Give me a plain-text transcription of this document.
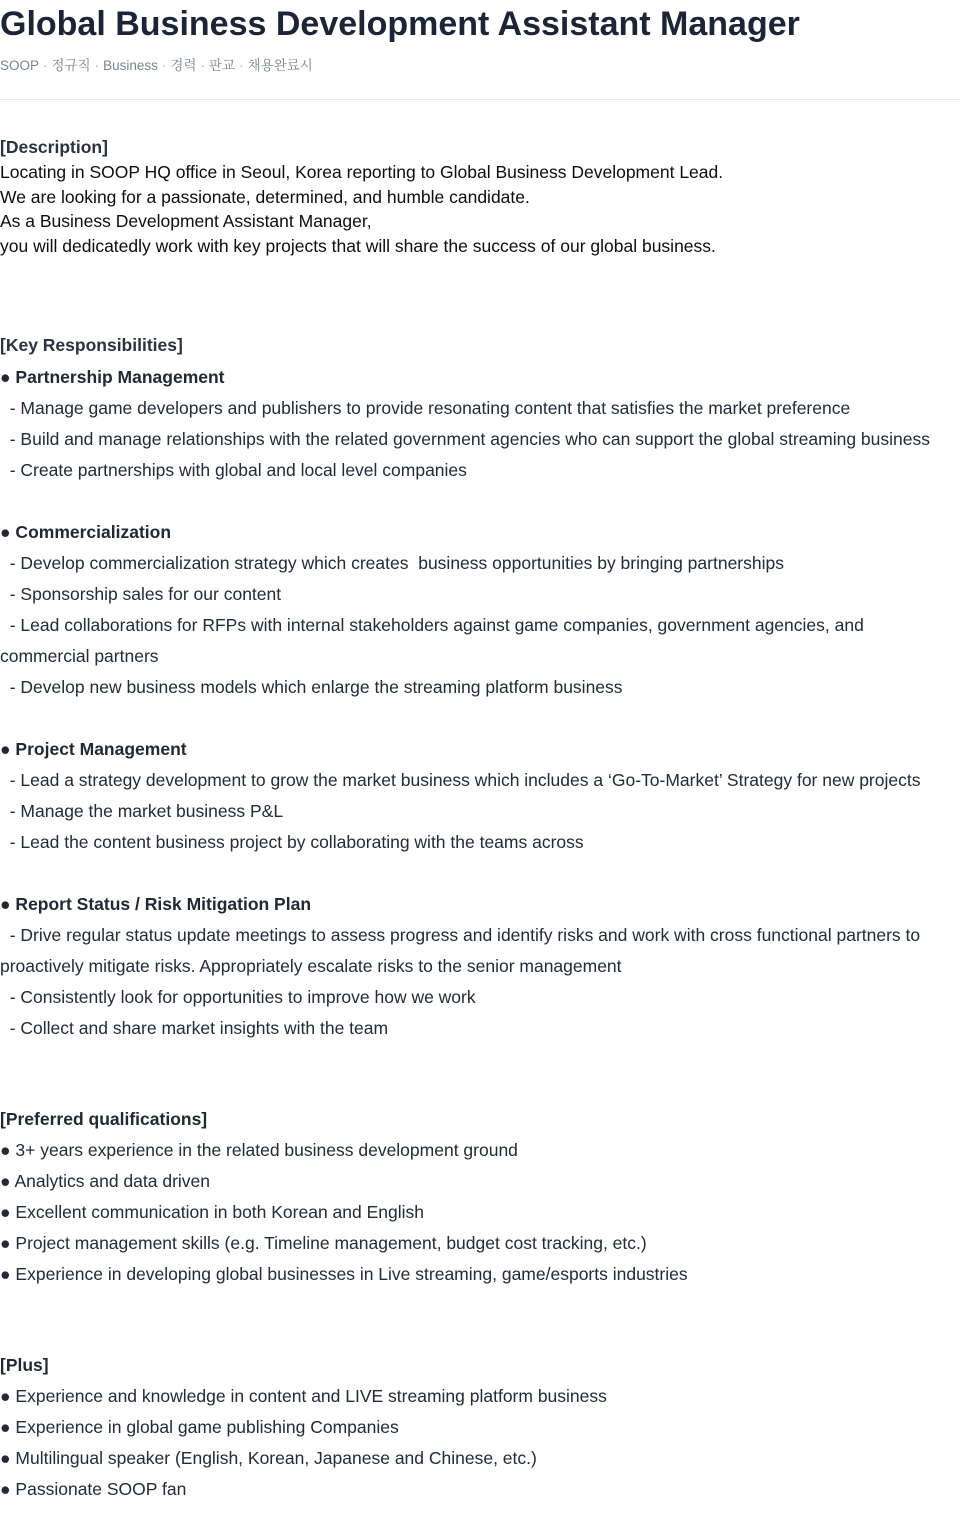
Global Business Development Assistant Manager
SOOP · 정규직 · Business · 경력 · 판교 · 채용완료시
[Description]

Locating in SOOP HQ office in Seoul, Korea reporting to Global Business Development Lead.

We are looking for a passionate, determined, and humble candidate.

As a Business Development Assistant Manager,

you will dedicatedly work with key projects that will share the success of our global business.

[Key Responsibilities]
● Partnership Management
- Manage game developers and publishers to provide resonating content that satisfies the market preference
- Build and manage relationships with the related government agencies who can support the global streaming business
- Create partnerships with global and local level companies
● Commercialization
- Develop commercialization strategy which creates  business opportunities by bringing partnerships
- Sponsorship sales for our content
- Lead collaborations for RFPs with internal stakeholders against game companies, government agencies, and
commercial partners
- Develop new business models which enlarge the streaming platform business
● Project Management
- Lead a strategy development to grow the market business which includes a ‘Go-To-Market’ Strategy for new projects
- Manage the market business P&L
- Lead the content business project by collaborating with the teams across
● Report Status / Risk Mitigation Plan
- Drive regular status update meetings to assess progress and identify risks and work with cross functional partners to
proactively mitigate risks. Appropriately escalate risks to the senior management
- Consistently look for opportunities to improve how we work
- Collect and share market insights with the team
[Preferred qualifications]
● 3+ years experience in the related business development ground
● Analytics and data driven
● Excellent communication in both Korean and English
● Project management skills (e.g. Timeline management, budget cost tracking, etc.)
● Experience in developing global businesses in Live streaming, game/esports industries
[Plus]
● Experience and knowledge in content and LIVE streaming platform business
● Experience in global game publishing Companies
● Multilingual speaker (English, Korean, Japanese and Chinese, etc.)
● Passionate SOOP fan
